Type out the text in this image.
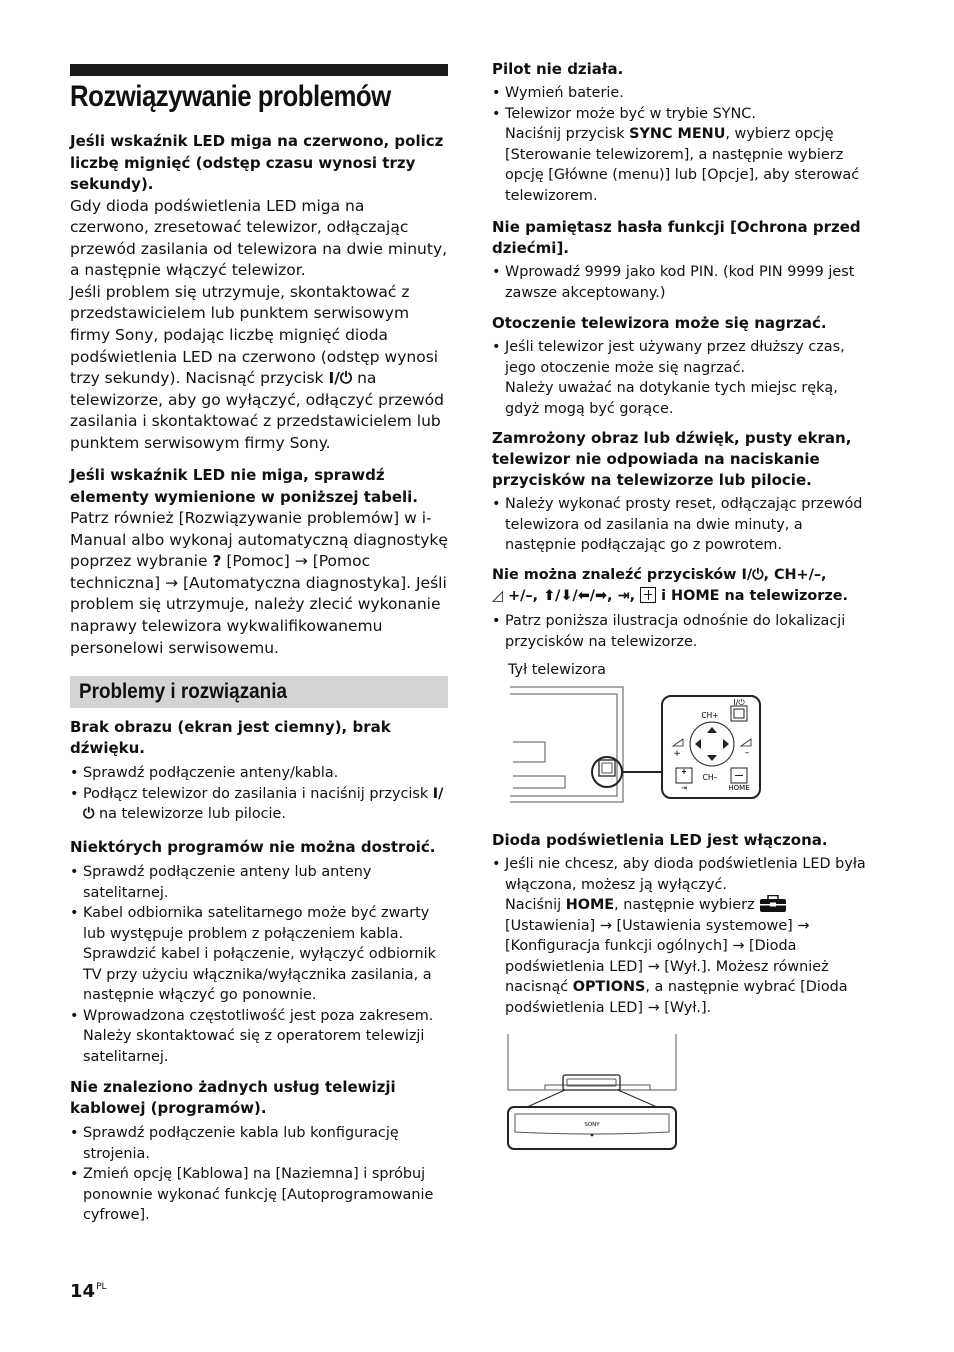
Rozwiązywanie problemów
Jeśli wskaźnik LED miga na czerwono, policz liczbę mignięć (odstęp czasu wynosi trzy sekundy).
Gdy dioda podświetlenia LED miga na czerwono, zresetować telewizor, odłączając przewód zasilania od telewizora na dwie minuty, a następnie włączyć telewizor.
Jeśli problem się utrzymuje, skontaktować z przedstawicielem lub punktem serwisowym firmy Sony, podając liczbę mignięć dioda podświetlenia LED na czerwono (odstęp wynosi trzy sekundy). Nacisnąć przycisk I/⏻ na telewizorze, aby go wyłączyć, odłączyć przewód zasilania i skontaktować z przedstawicielem lub punktem serwisowym firmy Sony.
Jeśli wskaźnik LED nie miga, sprawdź elementy wymienione w poniższej tabeli.
Patrz również [Rozwiązywanie problemów] w i-Manual albo wykonaj automatyczną diagnostykę poprzez wybranie ? [Pomoc] → [Pomoc techniczna] → [Automatyczna diagnostyka]. Jeśli problem się utrzymuje, należy zlecić wykonanie naprawy telewizora wykwalifikowanemu personelowi serwisowemu.
Brak obrazu (ekran jest ciemny), brak dźwięku.
• Sprawdź podłączenie anteny/kabla.
• Podłącz telewizor do zasilania i naciśnij przycisk I/⏻ na telewizorze lub pilocie.
Niektórych programów nie można dostroić.
• Sprawdź podłączenie anteny lub anteny satelitarnej.
• Kabel odbiornika satelitarnego może być zwarty lub występuje problem z połączeniem kabla. Sprawdzić kabel i połączenie, wyłączyć odbiornik TV przy użyciu włącznika/wyłącznika zasilania, a następnie włączyć go ponownie.
• Wprowadzona częstotliwość jest poza zakresem. Należy skontaktować się z operatorem telewizji satelitarnej.
Nie znaleziono żadnych usług telewizji kablowej (programów).
• Sprawdź podłączenie kabla lub konfigurację strojenia.
• Zmień opcję [Kablowa] na [Naziemna] i spróbuj ponownie wykonać funkcję [Autoprogramowanie cyfrowe].
Problemy i rozwiązania
Pilot nie działa.
• Wymień baterie.
• Telewizor może być w trybie SYNC.
Naciśnij przycisk SYNC MENU, wybierz opcję [Sterowanie telewizorem], a następnie wybierz opcję [Główne (menu)] lub [Opcje], aby sterować telewizorem.
Nie pamiętasz hasła funkcji [Ochrona przed dziećmi].
• Wprowadź 9999 jako kod PIN. (kod PIN 9999 jest zawsze akceptowany.)
Otoczenie telewizora może się nagrzać.
• Jeśli telewizor jest używany przez dłuższy czas, jego otoczenie może się nagrzać.
Należy uważać na dotykanie tych miejsc ręką, gdyż mogą być gorące.
Zamrożony obraz lub dźwięk, pusty ekran, telewizor nie odpowiada na naciskanie przycisków na telewizorze lub pilocie.
• Należy wykonać prosty reset, odłączając przewód telewizora od zasilania na dwie minuty, a następnie podłączając go z powrotem.
Nie można znaleźć przycisków I/⏻, CH+/–,
◿ +/–, ⬆/⬇/⬅/➡, ⇥, i HOME na telewizorze.
• Patrz poniższa ilustracja odnośnie do lokalizacji przycisków na telewizorze.
Dioda podświetlenia LED jest włączona.
• Jeśli nie chcesz, aby dioda podświetlenia LED była włączona, możesz ją wyłączyć.
Naciśnij HOME, następnie wybierz  [Ustawienia] → [Ustawienia systemowe] → [Konfiguracja funkcji ogólnych] → [Dioda podświetlenia LED] → [Wył.]. Możesz również nacisnąć OPTIONS, a następnie wybrać [Dioda podświetlenia LED] → [Wył.].
Tył telewizora
I/⏻
CH+
CH–
+	–
HOME
⇥
SONY
$14^{PL}$
